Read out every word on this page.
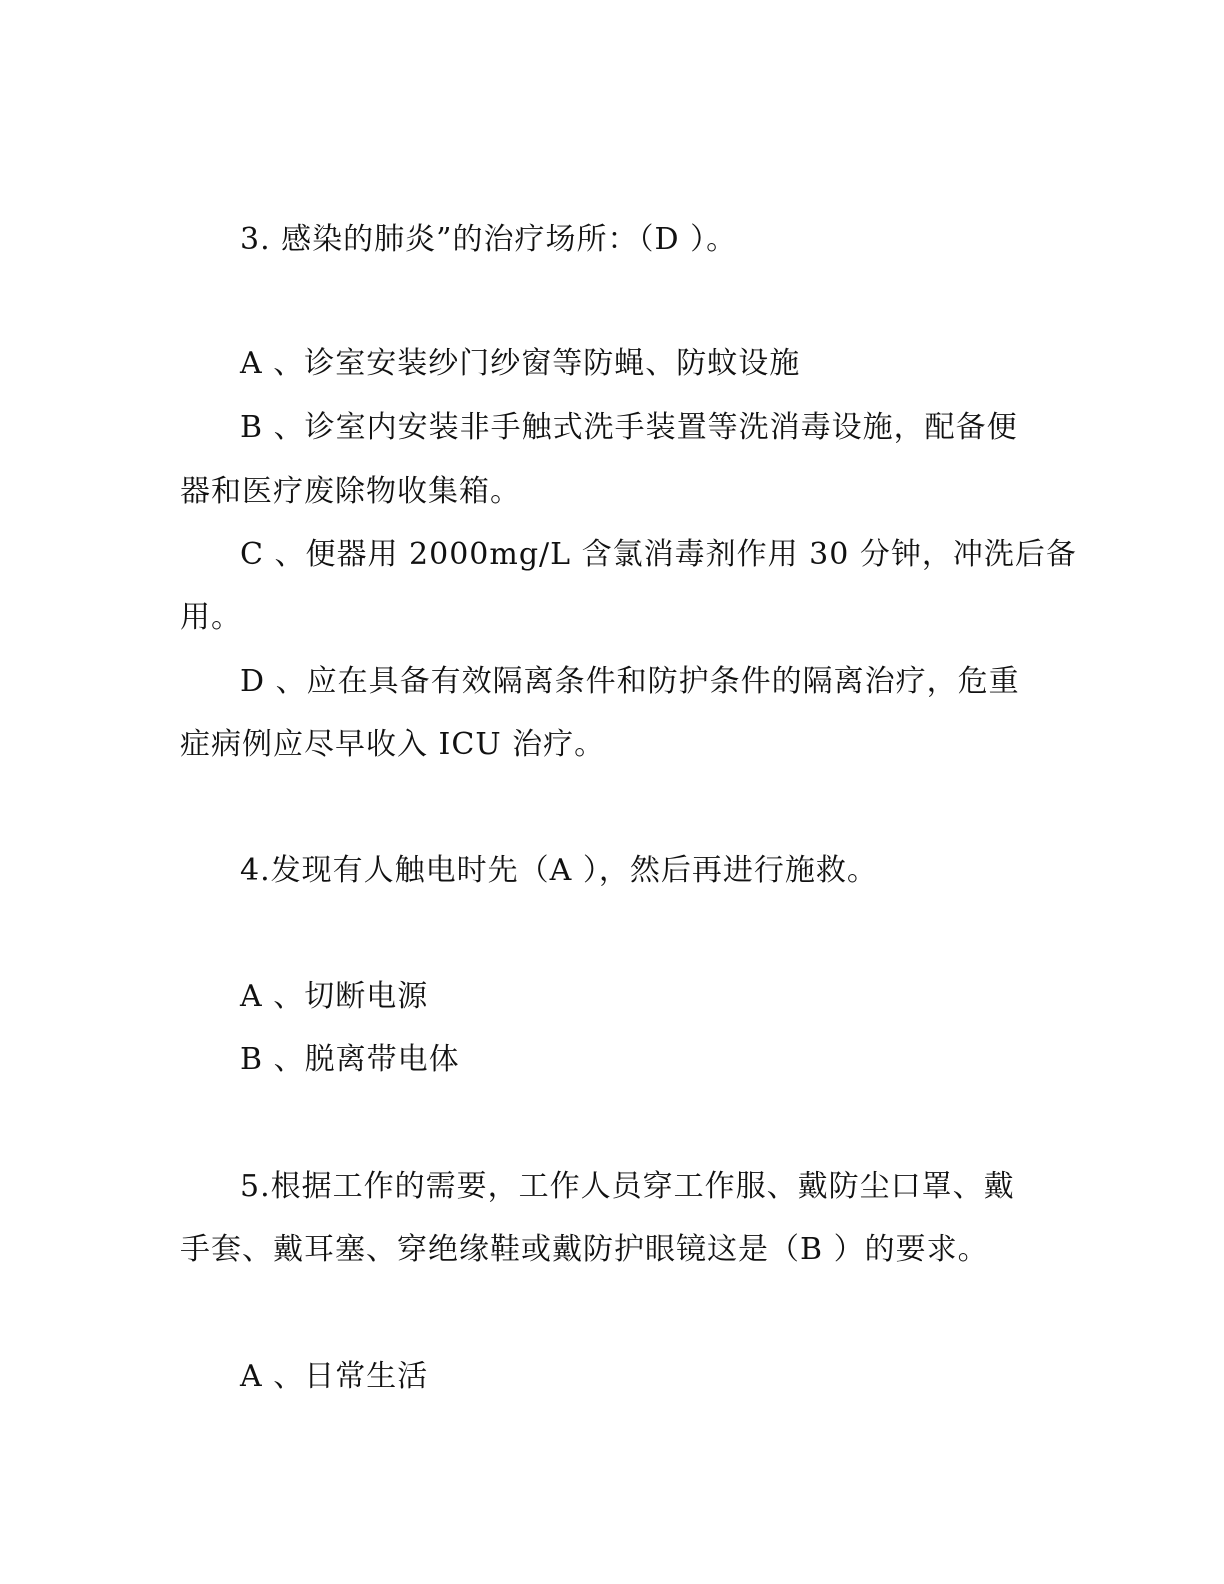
3. 感染的肺炎”的治疗场所：（D ）。
A 、诊室安装纱门纱窗等防蝇、防蚊设施
B 、诊室内安装非手触式洗手装置等洗消毒设施，配备便
器和医疗废除物收集箱。
C 、便器用 2000mg/L 含氯消毒剂作用 30 分钟，冲洗后备
用。
D 、应在具备有效隔离条件和防护条件的隔离治疗，危重
症病例应尽早收入 ICU 治疗。
4.发现有人触电时先（A ），然后再进行施救。
A 、切断电源
B 、脱离带电体
5.根据工作的需要，工作人员穿工作服、戴防尘口罩、戴
手套、戴耳塞、穿绝缘鞋或戴防护眼镜这是（B ）的要求。
A 、日常生活
